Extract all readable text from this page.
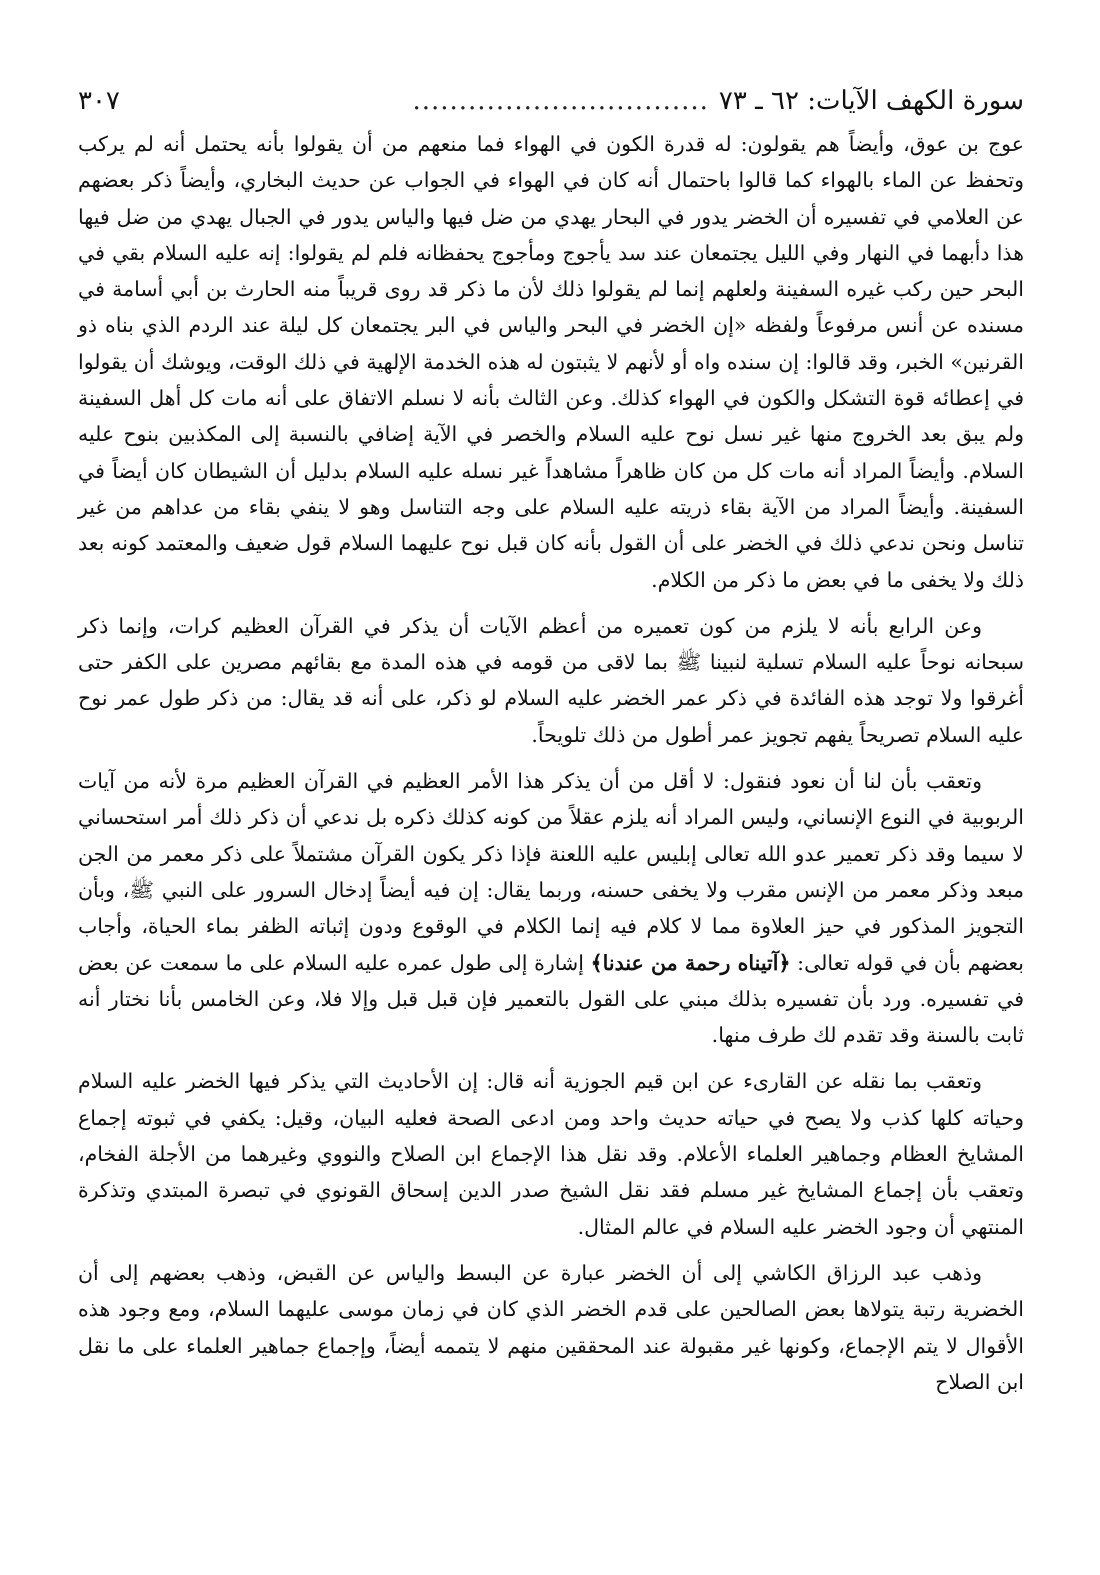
سورة الكهف الآيات: ٦٢ ـ ٧٣
................................
٣٠٧

عوج بن عوق، وأيضاً هم يقولون: له قدرة الكون في الهواء فما منعهم من أن يقولوا بأنه يحتمل أنه لم يركب وتحفظ عن الماء بالهواء كما قالوا باحتمال أنه كان في الهواء في الجواب عن حديث البخاري، وأيضاً ذكر بعضهم عن العلامي في تفسيره أن الخضر يدور في البحار يهدي من ضل فيها والياس يدور في الجبال يهدي من ضل فيها هذا دأبهما في النهار وفي الليل يجتمعان عند سد يأجوج ومأجوج يحفظانه فلم لم يقولوا: إنه عليه السلام بقي في البحر حين ركب غيره السفينة ولعلهم إنما لم يقولوا ذلك لأن ما ذكر قد روى قريباً منه الحارث بن أبي أسامة في مسنده عن أنس مرفوعاً ولفظه «إن الخضر في البحر والياس في البر يجتمعان كل ليلة عند الردم الذي بناه ذو القرنين» الخبر، وقد قالوا: إن سنده واه أو لأنهم لا يثبتون له هذه الخدمة الإلهية في ذلك الوقت، ويوشك أن يقولوا في إعطائه قوة التشكل والكون في الهواء كذلك. وعن الثالث بأنه لا نسلم الاتفاق على أنه مات كل أهل السفينة ولم يبق بعد الخروج منها غير نسل نوح عليه السلام والخصر في الآية إضافي بالنسبة إلى المكذبين بنوح عليه السلام. وأيضاً المراد أنه مات كل من كان ظاهراً مشاهداً غير نسله عليه السلام بدليل أن الشيطان كان أيضاً في السفينة. وأيضاً المراد من الآية بقاء ذريته عليه السلام على وجه التناسل وهو لا ينفي بقاء من عداهم من غير تناسل ونحن ندعي ذلك في الخضر على أن القول بأنه كان قبل نوح عليهما السلام قول ضعيف والمعتمد كونه بعد ذلك ولا يخفى ما في بعض ما ذكر من الكلام.

وعن الرابع بأنه لا يلزم من كون تعميره من أعظم الآيات أن يذكر في القرآن العظيم كرات، وإنما ذكر سبحانه نوحاً عليه السلام تسلية لنبينا ﷺ بما لاقى من قومه في هذه المدة مع بقائهم مصرين على الكفر حتى أغرقوا ولا توجد هذه الفائدة في ذكر عمر الخضر عليه السلام لو ذكر، على أنه قد يقال: من ذكر طول عمر نوح عليه السلام تصريحاً يفهم تجويز عمر أطول من ذلك تلويحاً.

وتعقب بأن لنا أن نعود فنقول: لا أقل من أن يذكر هذا الأمر العظيم في القرآن العظيم مرة لأنه من آيات الربوبية في النوع الإنساني، وليس المراد أنه يلزم عقلاً من كونه كذلك ذكره بل ندعي أن ذكر ذلك أمر استحساني لا سيما وقد ذكر تعمير عدو الله تعالى إبليس عليه اللعنة فإذا ذكر يكون القرآن مشتملاً على ذكر معمر من الجن مبعد وذكر معمر من الإنس مقرب ولا يخفى حسنه، وربما يقال: إن فيه أيضاً إدخال السرور على النبي ﷺ، وبأن التجويز المذكور في حيز العلاوة مما لا كلام فيه إنما الكلام في الوقوع ودون إثباته الظفر بماء الحياة، وأجاب بعضهم بأن في قوله تعالى: ﴿آتيناه رحمة من عندنا﴾ إشارة إلى طول عمره عليه السلام على ما سمعت عن بعض في تفسيره. ورد بأن تفسيره بذلك مبني على القول بالتعمير فإن قبل قبل وإلا فلا، وعن الخامس بأنا نختار أنه ثابت بالسنة وقد تقدم لك طرف منها.

وتعقب بما نقله عن القارىء عن ابن قيم الجوزية أنه قال: إن الأحاديث التي يذكر فيها الخضر عليه السلام وحياته كلها كذب ولا يصح في حياته حديث واحد ومن ادعى الصحة فعليه البيان، وقيل: يكفي في ثبوته إجماع المشايخ العظام وجماهير العلماء الأعلام. وقد نقل هذا الإجماع ابن الصلاح والنووي وغيرهما من الأجلة الفخام، وتعقب بأن إجماع المشايخ غير مسلم فقد نقل الشيخ صدر الدين إسحاق القونوي في تبصرة المبتدي وتذكرة المنتهي أن وجود الخضر عليه السلام في عالم المثال.

وذهب عبد الرزاق الكاشي إلى أن الخضر عبارة عن البسط والياس عن القبض، وذهب بعضهم إلى أن الخضرية رتبة يتولاها بعض الصالحين على قدم الخضر الذي كان في زمان موسى عليهما السلام، ومع وجود هذه الأقوال لا يتم الإجماع، وكونها غير مقبولة عند المحققين منهم لا يتممه أيضاً، وإجماع جماهير العلماء على ما نقل ابن الصلاح
